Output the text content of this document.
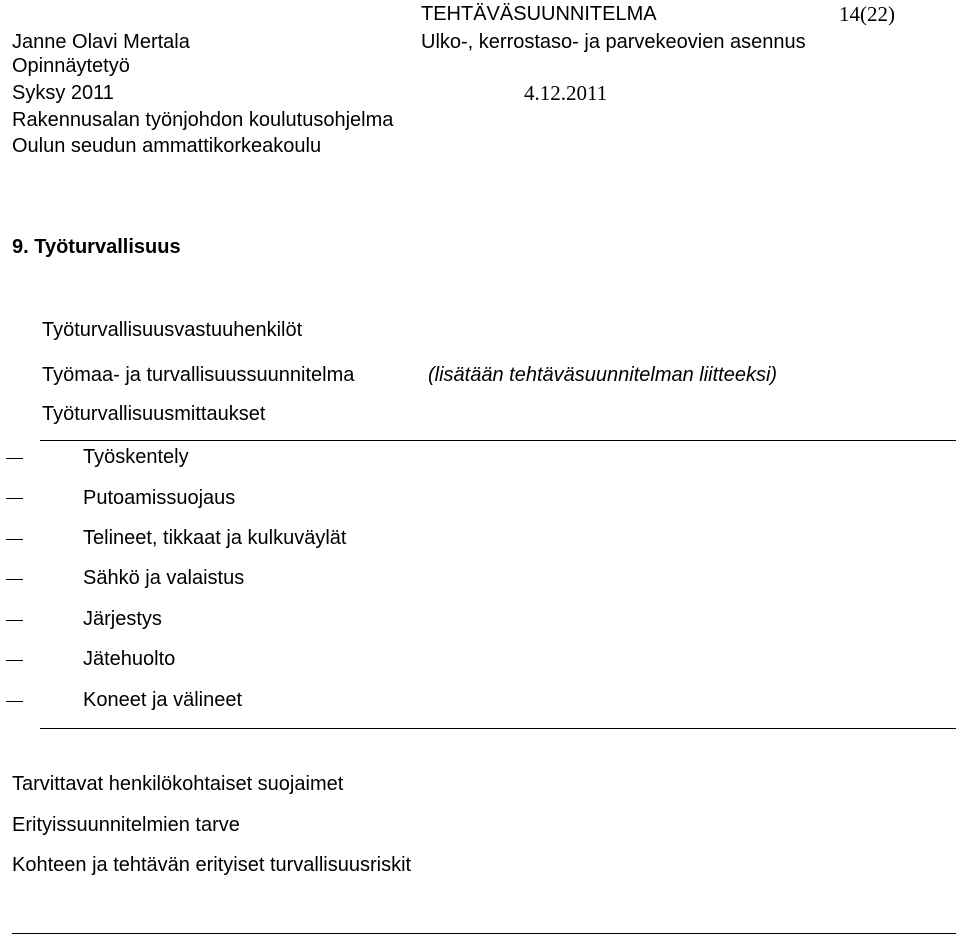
TEHTÄVÄSUUNNITELMA	14(22)
Janne Olavi Mertala	Ulko-, kerrostaso- ja parvekeovien asennus
Opinnäytetyö
Syksy 2011	4.12.2011
Rakennusalan työnjohdon koulutusohjelma
Oulun seudun ammattikorkeakoulu
9. Työturvallisuus
Työturvallisuusvastuuhenkilöt
Työmaa- ja turvallisuussuunnitelma	(lisätään tehtäväsuunnitelman liitteeksi)
Työturvallisuusmittaukset
Työskentely
Putoamissuojaus
Telineet, tikkaat ja kulkuväylät
Sähkö ja valaistus
Järjestys
Jätehuolto
Koneet ja välineet
Tarvittavat henkilökohtaiset suojaimet
Erityissuunnitelmien tarve
Kohteen ja tehtävän erityiset turvallisuusriskit
